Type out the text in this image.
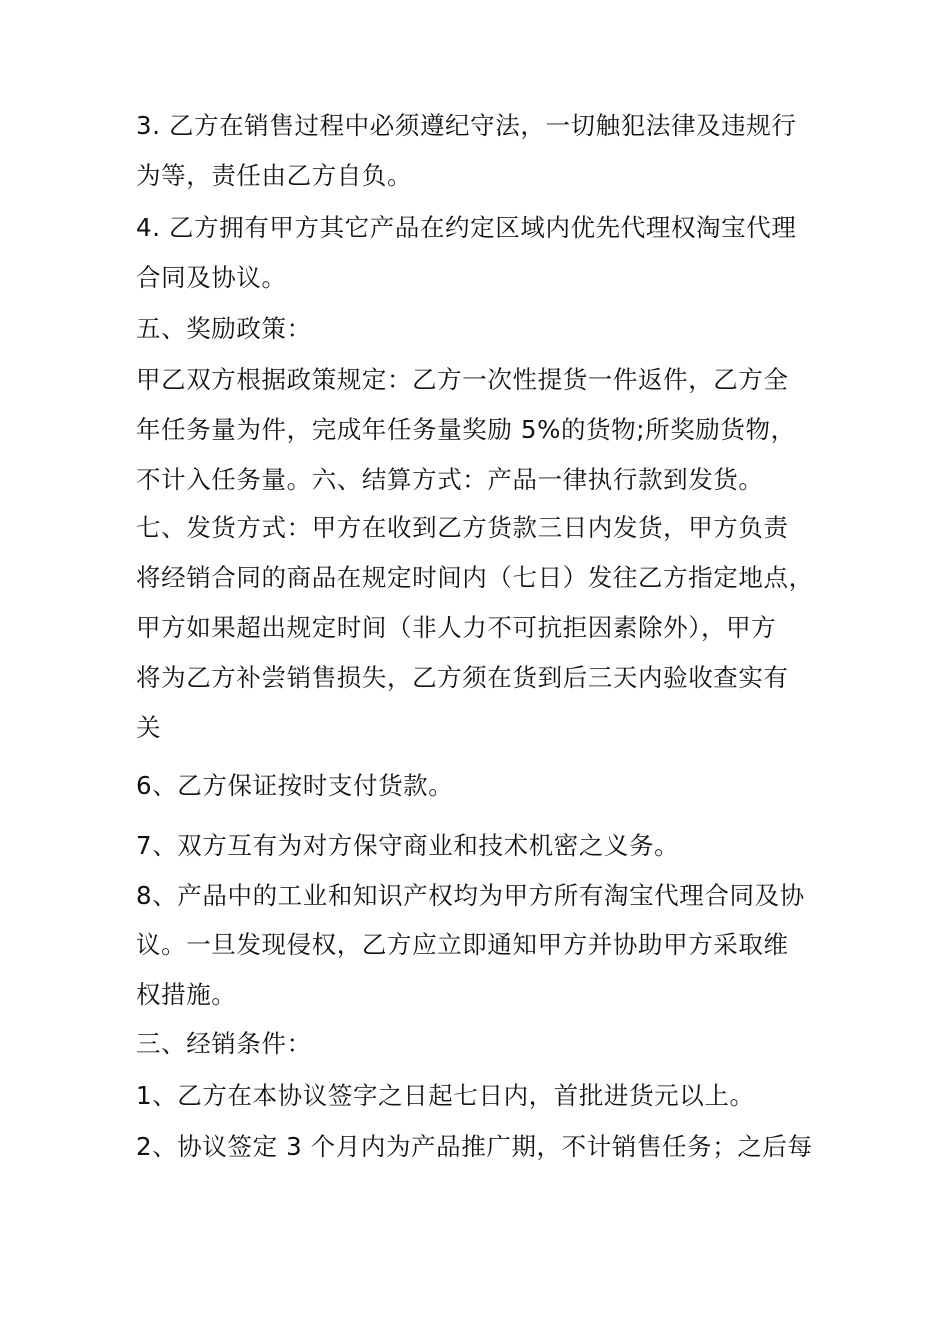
3. 乙方在销售过程中必须遵纪守法，一切触犯法律及违规行
为等，责任由乙方自负。
4. 乙方拥有甲方其它产品在约定区域内优先代理权淘宝代理
合同及协议。
五、奖励政策：
甲乙双方根据政策规定：乙方一次性提货一件返件，乙方全
年任务量为件，完成年任务量奖励 5%的货物;所奖励货物，
不计入任务量。六、结算方式：产品一律执行款到发货。
七、发货方式：甲方在收到乙方货款三日内发货，甲方负责
将经销合同的商品在规定时间内（七日）发往乙方指定地点，
甲方如果超出规定时间（非人力不可抗拒因素除外），甲方
将为乙方补尝销售损失，乙方须在货到后三天内验收查实有
关
6、乙方保证按时支付货款。
7、双方互有为对方保守商业和技术机密之义务。
8、产品中的工业和知识产权均为甲方所有淘宝代理合同及协
议。一旦发现侵权，乙方应立即通知甲方并协助甲方采取维
权措施。
三、经销条件：
1、乙方在本协议签字之日起七日内，首批进货元以上。
2、协议签定 3 个月内为产品推广期，不计销售任务；之后每
